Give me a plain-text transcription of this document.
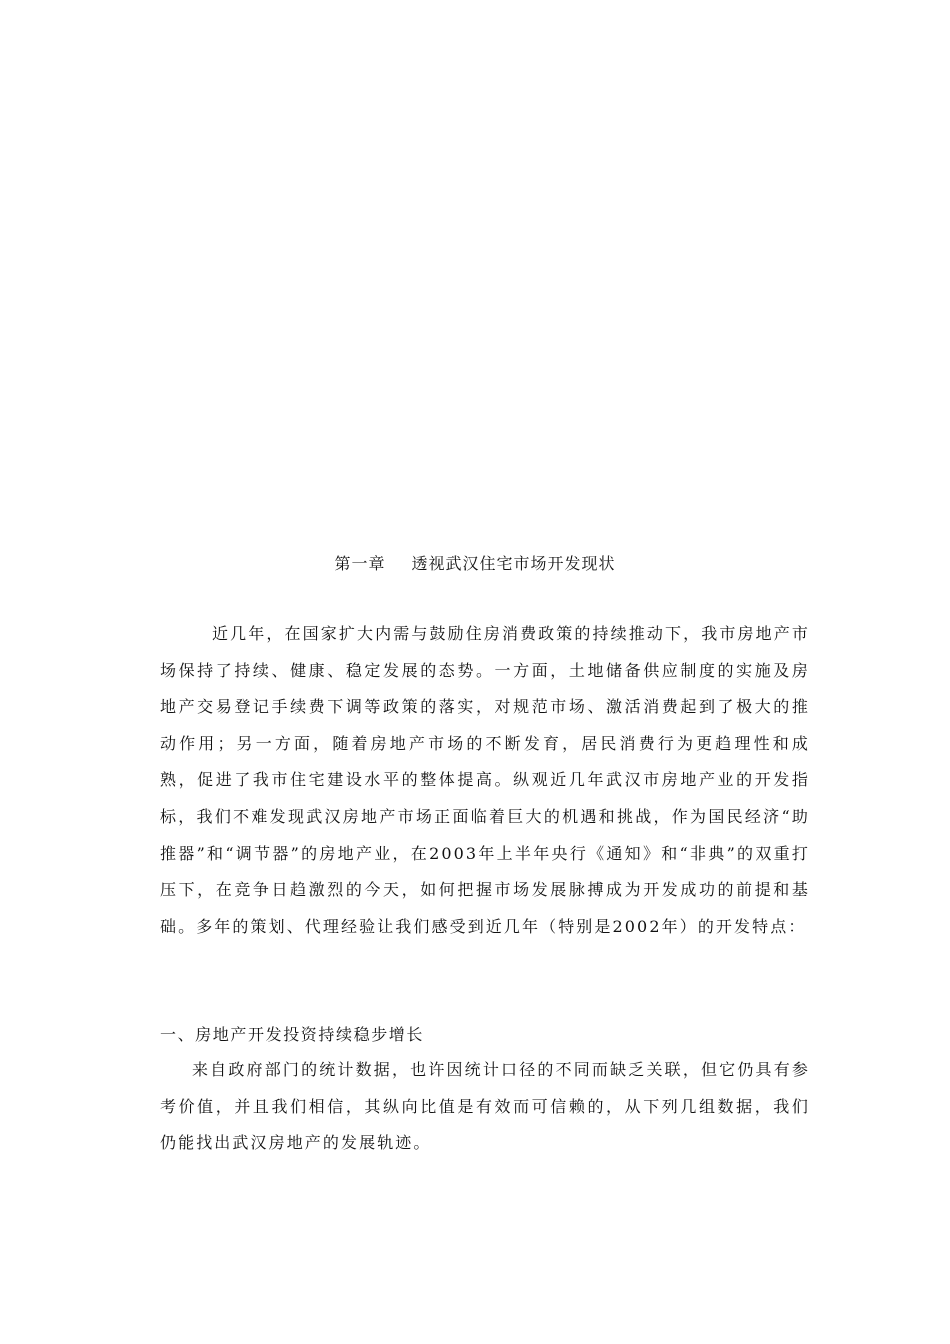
第一章 透视武汉住宅市场开发现状

近几年，在国家扩大内需与鼓励住房消费政策的持续推动下，我市房地产市场保持了持续、健康、稳定发展的态势。一方面，土地储备供应制度的实施及房地产交易登记手续费下调等政策的落实，对规范市场、激活消费起到了极大的推动作用；另一方面，随着房地产市场的不断发育，居民消费行为更趋理性和成熟，促进了我市住宅建设水平的整体提高。纵观近几年武汉市房地产业的开发指标，我们不难发现武汉房地产市场正面临着巨大的机遇和挑战，作为国民经济“助推器”和“调节器”的房地产业，在2003年上半年央行《通知》和“非典”的双重打压下，在竞争日趋激烈的今天，如何把握市场发展脉搏成为开发成功的前提和基础。多年的策划、代理经验让我们感受到近几年（特别是2002年）的开发特点：

一、房地产开发投资持续稳步增长

来自政府部门的统计数据，也许因统计口径的不同而缺乏关联，但它仍具有参考价值，并且我们相信，其纵向比值是有效而可信赖的，从下列几组数据，我们仍能找出武汉房地产的发展轨迹。
